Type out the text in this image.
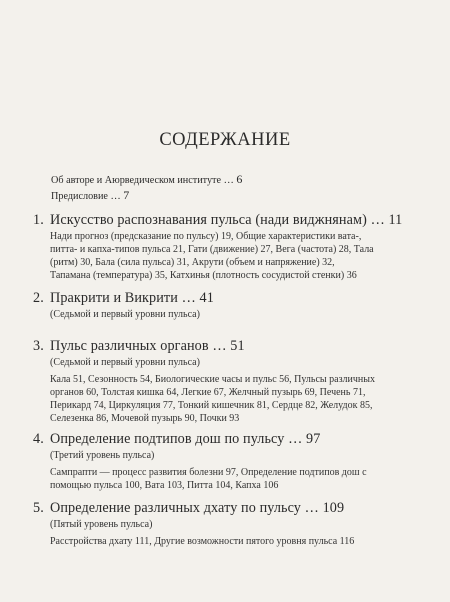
СОДЕРЖАНИЕ
Об авторе и Аюрведическом институте … 6
Предисловие … 7
1. Искусство распознавания пульса (нади виджнянам) … 11
Нади прогноз (предсказание по пульсу) 19, Общие характеристики вата-,
питта- и капха-типов пульса 21, Гати (движение) 27, Вега (частота) 28, Тала
(ритм) 30, Бала (сила пульса) 31, Акрути (объем и напряжение) 32,
Тапамана (температура) 35, Катхинья (плотность сосудистой стенки) 36
2. Пракрити и Викрити … 41
(Седьмой и первый уровни пульса)
3. Пульс различных органов … 51
(Седьмой и первый уровни пульса)
Кала 51, Сезонность 54, Биологические часы и пульс 56, Пульсы различных
органов 60, Толстая кишка 64, Легкие 67, Желчный пузырь 69, Печень 71,
Перикард 74, Циркуляция 77, Тонкий кишечник 81, Сердце 82, Желудок 85,
Селезенка 86, Мочевой пузырь 90, Почки 93
4. Определение подтипов дош по пульсу … 97
(Третий уровень пульса)
Сампрапти — процесс развития болезни 97, Определение подтипов дош с
помощью пульса 100, Вата 103, Питта 104, Капха 106
5. Определение различных дхату по пульсу … 109
(Пятый уровень пульса)
Расстройства дхату 111, Другие возможности пятого уровня пульса 116
